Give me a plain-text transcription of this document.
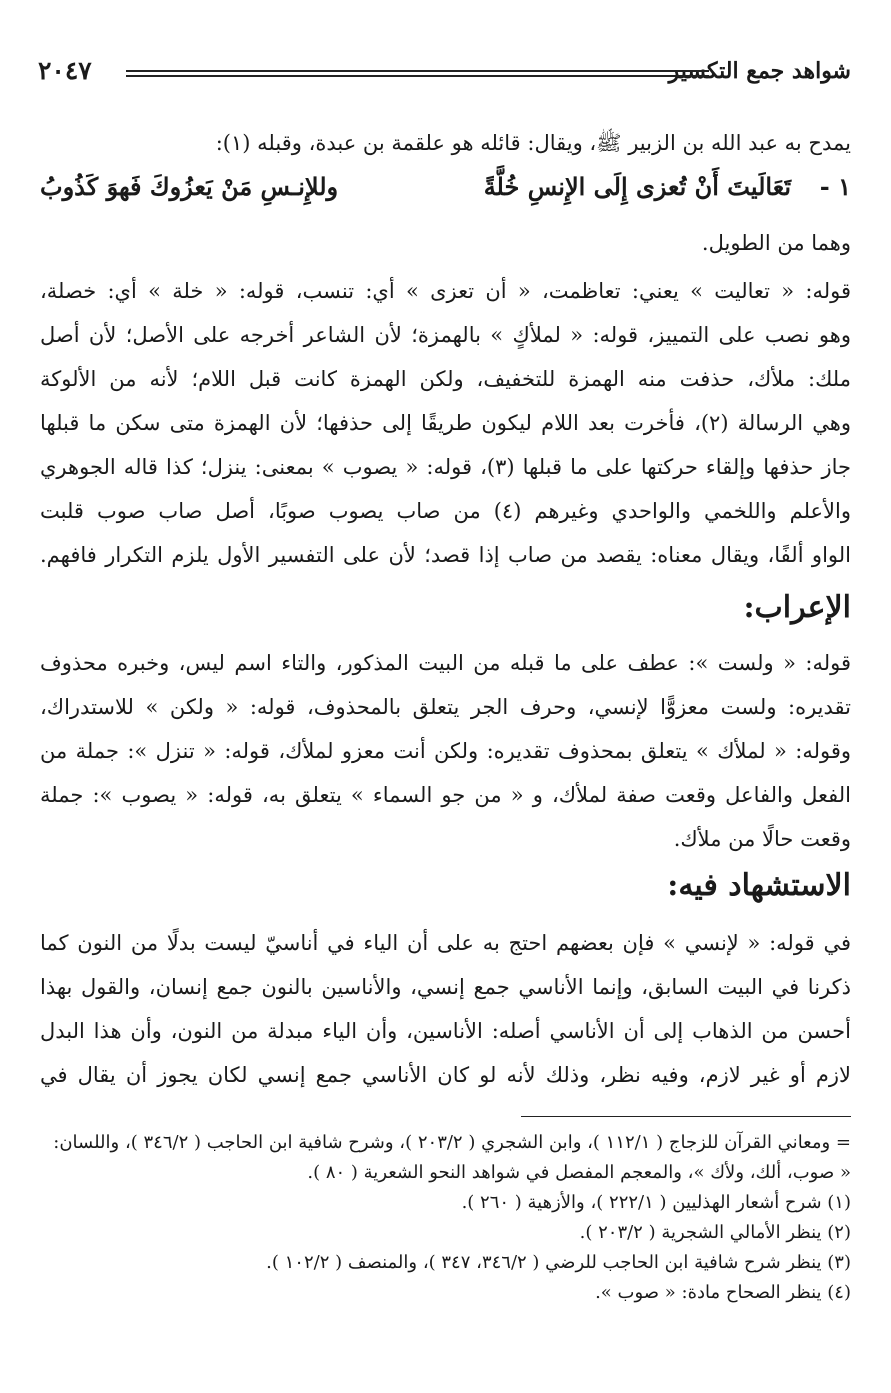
شواهد جمع التكسير
٢٠٤٧
يمدح به عبد الله بن الزبير ﷺ، ويقال: قائله هو علقمة بن عبدة، وقبله (١):
١ -
تَعَالَيتَ أَنْ تُعزى إِلَى الإِنسِ خُلَّةً
وللإِنـسِ مَنْ يَعزُوكَ فَهوَ كَذُوبُ
وهما من الطويل.
قوله: « تعاليت » يعني: تعاظمت، « أن تعزى » أي: تنسب، قوله: « خلة » أي: خصلة،
وهو نصب على التمييز، قوله: « لملأكٍ » بالهمزة؛ لأن الشاعر أخرجه على الأصل؛ لأن أصل
ملك: ملأك، حذفت منه الهمزة للتخفيف، ولكن الهمزة كانت قبل اللام؛ لأنه من الألوكة
وهي الرسالة (٢)، فأخرت بعد اللام ليكون طريقًا إلى حذفها؛ لأن الهمزة متى سكن ما قبلها
جاز حذفها وإلقاء حركتها على ما قبلها (٣)، قوله: « يصوب » بمعنى: ينزل؛ كذا قاله الجوهري
والأعلم واللخمي والواحدي وغيرهم (٤) من صاب يصوب صوبًا، أصل صاب صوب قلبت
الواو ألفًا، ويقال معناه: يقصد من صاب إذا قصد؛ لأن على التفسير الأول يلزم التكرار فافهم.
الإعراب:
قوله: « ولست »: عطف على ما قبله من البيت المذكور، والتاء اسم ليس، وخبره محذوف
تقديره: ولست معزوًّا لإنسي، وحرف الجر يتعلق بالمحذوف، قوله: « ولكن » للاستدراك،
وقوله: « لملأك » يتعلق بمحذوف تقديره: ولكن أنت معزو لملأك، قوله: « تنزل »: جملة من
الفعل والفاعل وقعت صفة لملأك، و « من جو السماء » يتعلق به، قوله: « يصوب »: جملة
وقعت حالًا من ملأك.
الاستشهاد فيه:
في قوله: « لإنسي » فإن بعضهم احتج به على أن الياء في أناسيّ ليست بدلًا من النون كما
ذكرنا في البيت السابق، وإنما الأناسي جمع إنسي، والأناسين بالنون جمع إنسان، والقول بهذا
أحسن من الذهاب إلى أن الأناسي أصله: الأناسين، وأن الياء مبدلة من النون، وأن هذا البدل
لازم أو غير لازم، وفيه نظر، وذلك لأنه لو كان الأناسي جمع إنسي لكان يجوز أن يقال في
= ومعاني القرآن للزجاج ( ١١٢/١ )، وابن الشجري ( ٢٠٣/٢ )، وشرح شافية ابن الحاجب ( ٣٤٦/٢ )، واللسان:
« صوب، ألك، ولأك »، والمعجم المفصل في شواهد النحو الشعرية ( ٨٠ ).
(١) شرح أشعار الهذليين ( ٢٢٢/١ )، والأزهية ( ٢٦٠ ).
(٢) ينظر الأمالي الشجرية ( ٢٠٣/٢ ).
(٣) ينظر شرح شافية ابن الحاجب للرضي ( ٣٤٦/٢، ٣٤٧ )، والمنصف ( ١٠٢/٢ ).
(٤) ينظر الصحاح مادة: « صوب ».
